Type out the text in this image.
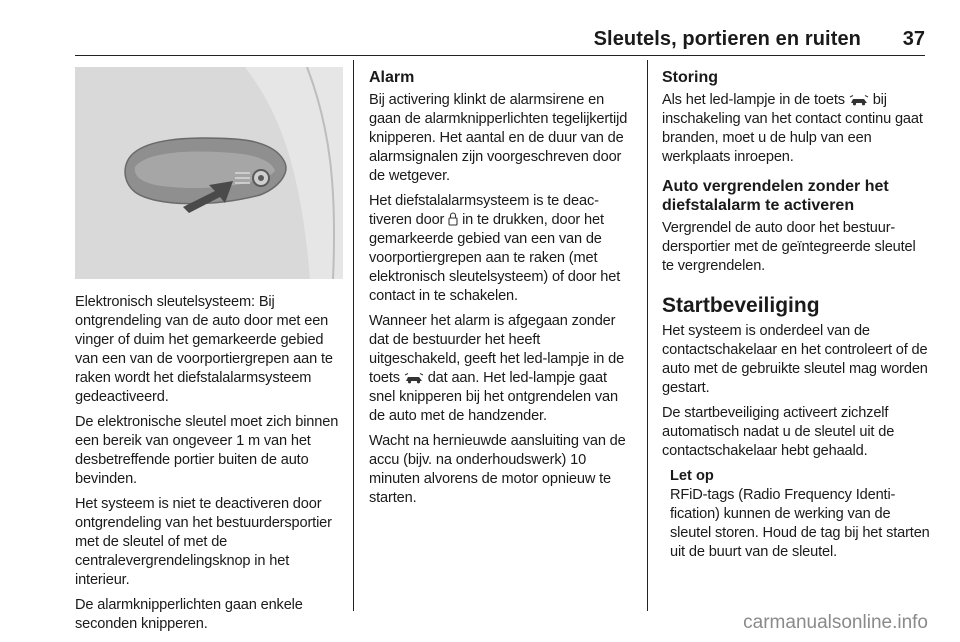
Sleutels, portieren en ruiten 37

Elektronisch sleutelsysteem: Bij ontgrendeling van de auto door met een vinger of duim het gemarkeerde gebied van een van de voorportiergrepen aan te raken wordt het diefstalalarmsysteem gedeactiveerd.

De elektronische sleutel moet zich binnen een bereik van ongeveer 1 m van het desbetreffende portier buiten de auto bevinden.

Het systeem is niet te deactiveren door ontgrendeling van het bestuurdersportier met de sleutel of met de centralevergrendelingsknop in het interieur.

De alarmknipperlichten gaan enkele seconden knipperen.

Alarm

Bij activering klinkt de alarmsirene en gaan de alarmknipperlichten tegelijkertijd knipperen. Het aantal en de duur van de alarmsignalen zijn voorgeschreven door de wetgever.

Het diefstalalarmsysteem is te deactiveren door in te drukken, door het gemarkeerde gebied van een van de voorportiergrepen aan te raken (met elektronisch sleutelsysteem) of door het contact in te schakelen.

Wanneer het alarm is afgegaan zonder dat de bestuurder het heeft uitgeschakeld, geeft het led-lampje in de toets dat aan. Het led-lampje gaat snel knipperen bij het ontgrendelen van de auto met de handzender.

Wacht na hernieuwde aansluiting van de accu (bijv. na onderhoudswerk) 10 minuten alvorens de motor opnieuw te starten.

Storing

Als het led-lampje in de toets bij inschakeling van het contact continu gaat branden, moet u de hulp van een werkplaats inroepen.

Auto vergrendelen zonder het diefstalalarm te activeren

Vergrendel de auto door het bestuurdersportier met de geïntegreerde sleutel te vergrendelen.

Startbeveiliging

Het systeem is onderdeel van de contactschakelaar en het controleert of de auto met de gebruikte sleutel mag worden gestart.

De startbeveiliging activeert zichzelf automatisch nadat u de sleutel uit de contactschakelaar hebt gehaald.

Let op

RFiD-tags (Radio Frequency Identification) kunnen de werking van de sleutel storen. Houd de tag bij het starten uit de buurt van de sleutel.

carmanualsonline.info
